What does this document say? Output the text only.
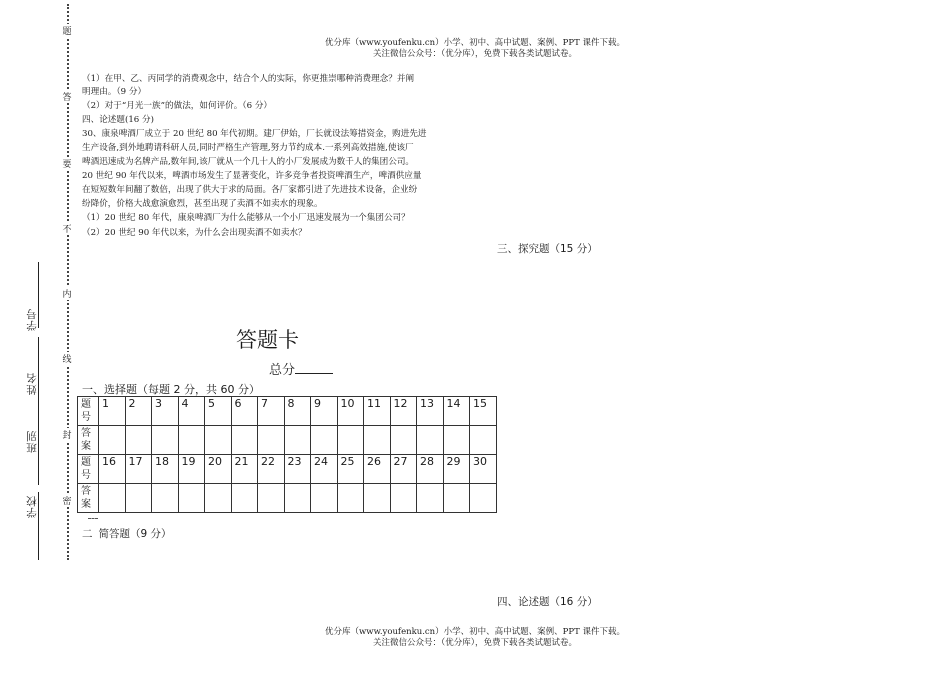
优分库（www.youfenku.cn）小学、初中、高中试题、案例、PPT 课件下载。
关注微信公众号：（优分库），免费下载各类试题试卷。
学号
姓名
班别
学校
题
答
要
不
内
线
封
密
（1）在甲、乙、丙同学的消费观念中，结合个人的实际，你更推崇哪种消费理念？并阐
明理由。（9 分）
（2）对于“月光一族”的做法，如何评价。（6 分）
四、论述题(16 分)
30、康泉啤酒厂成立于 20 世纪 80 年代初期。建厂伊始，厂长就设法筹措资金，购进先进
生产设备,到外地聘请科研人员,同时严格生产管理,努力节约成本.一系列高效措施,使该厂
啤酒迅速成为名牌产品,数年间,该厂就从一个几十人的小厂发展成为数千人的集团公司。
20 世纪 90 年代以来，啤酒市场发生了显著变化，许多竞争者投资啤酒生产，啤酒供应量
在短短数年间翻了数倍，出现了供大于求的局面。各厂家都引进了先进技术设备，企业纷
纷降价，价格大战愈演愈烈，甚至出现了卖酒不如卖水的现象。
（1）20 世纪 80 年代，康泉啤酒厂为什么能够从一个小厂迅速发展为一个集团公司？
（2）20 世纪 90 年代以来，为什么会出现卖酒不如卖水？
三、探究题（15 分）
四、论述题（16 分）
答题卡
总分
一、选择题（每题 2 分，共 60 分）
题号	1	2	3	4	5	6	7	8	9	10	11	12	13	14	15
答案															
题号	16	17	18	19	20	21	22	23	24	25	26	27	28	29	30
答案															
二 简答题（9 分）
优分库（www.youfenku.cn）小学、初中、高中试题、案例、PPT 课件下载。
关注微信公众号：（优分库），免费下载各类试题试卷。
